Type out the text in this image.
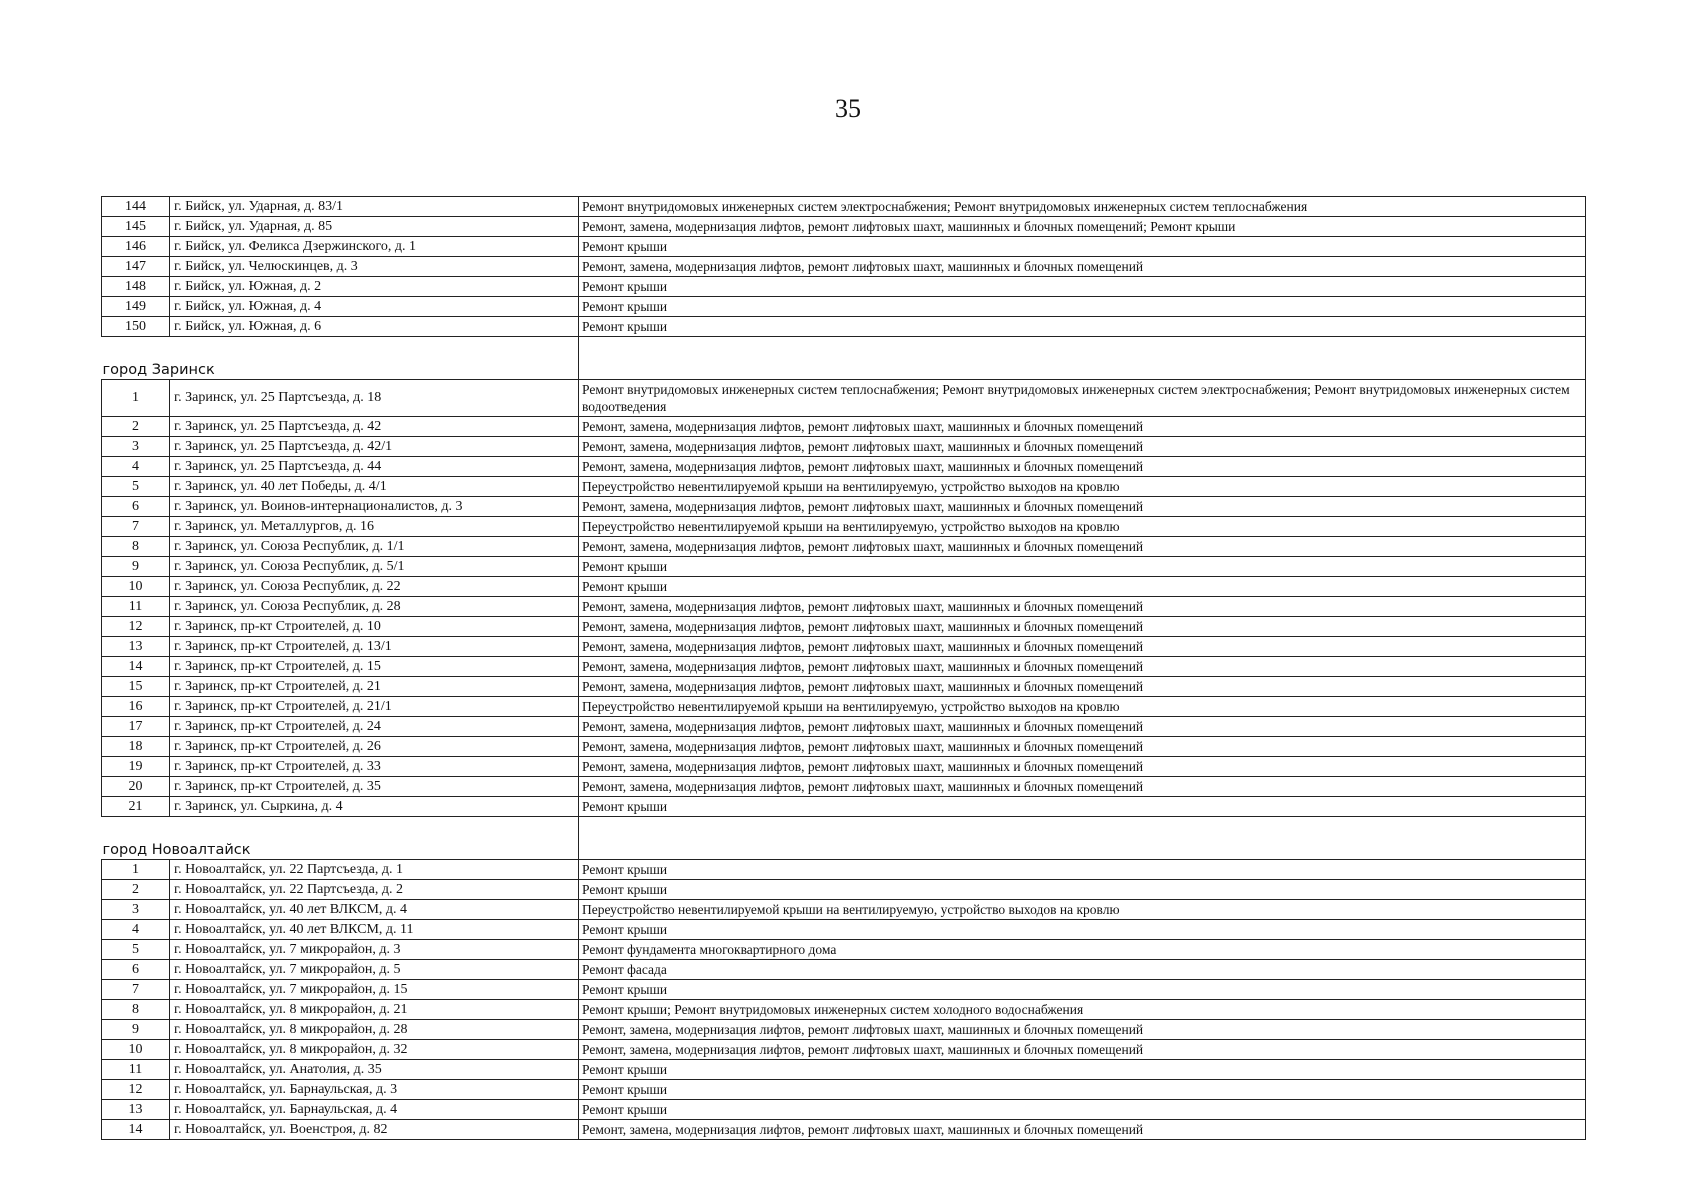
35
144	г. Бийск, ул. Ударная, д. 83/1	Ремонт внутридомовых инженерных систем электроснабжения; Ремонт внутридомовых инженерных систем теплоснабжения
145	г. Бийск, ул. Ударная, д. 85	Ремонт, замена, модернизация лифтов, ремонт лифтовых шахт, машинных и блочных помещений; Ремонт крыши
146	г. Бийск, ул. Феликса Дзержинского, д. 1	Ремонт крыши
147	г. Бийск, ул. Челюскинцев, д. 3	Ремонт, замена, модернизация лифтов, ремонт лифтовых шахт, машинных и блочных помещений
148	г. Бийск, ул. Южная, д. 2	Ремонт крыши
149	г. Бийск, ул. Южная, д. 4	Ремонт крыши
150	г. Бийск, ул. Южная, д. 6	Ремонт крыши
город Заринск		
1	г. Заринск, ул. 25 Партсъезда, д. 18	Ремонт внутридомовых инженерных систем теплоснабжения; Ремонт внутридомовых инженерных систем электроснабжения; Ремонт внутридомовых инженерных систем водоотведения
2	г. Заринск, ул. 25 Партсъезда, д. 42	Ремонт, замена, модернизация лифтов, ремонт лифтовых шахт, машинных и блочных помещений
3	г. Заринск, ул. 25 Партсъезда, д. 42/1	Ремонт, замена, модернизация лифтов, ремонт лифтовых шахт, машинных и блочных помещений
4	г. Заринск, ул. 25 Партсъезда, д. 44	Ремонт, замена, модернизация лифтов, ремонт лифтовых шахт, машинных и блочных помещений
5	г. Заринск, ул. 40 лет Победы, д. 4/1	Переустройство невентилируемой крыши на вентилируемую, устройство выходов на кровлю
6	г. Заринск, ул. Воинов-интернационалистов, д. 3	Ремонт, замена, модернизация лифтов, ремонт лифтовых шахт, машинных и блочных помещений
7	г. Заринск, ул. Металлургов, д. 16	Переустройство невентилируемой крыши на вентилируемую, устройство выходов на кровлю
8	г. Заринск, ул. Союза Республик, д. 1/1	Ремонт, замена, модернизация лифтов, ремонт лифтовых шахт, машинных и блочных помещений
9	г. Заринск, ул. Союза Республик, д. 5/1	Ремонт крыши
10	г. Заринск, ул. Союза Республик, д. 22	Ремонт крыши
11	г. Заринск, ул. Союза Республик, д. 28	Ремонт, замена, модернизация лифтов, ремонт лифтовых шахт, машинных и блочных помещений
12	г. Заринск, пр-кт Строителей, д. 10	Ремонт, замена, модернизация лифтов, ремонт лифтовых шахт, машинных и блочных помещений
13	г. Заринск, пр-кт Строителей, д. 13/1	Ремонт, замена, модернизация лифтов, ремонт лифтовых шахт, машинных и блочных помещений
14	г. Заринск, пр-кт Строителей, д. 15	Ремонт, замена, модернизация лифтов, ремонт лифтовых шахт, машинных и блочных помещений
15	г. Заринск, пр-кт Строителей, д. 21	Ремонт, замена, модернизация лифтов, ремонт лифтовых шахт, машинных и блочных помещений
16	г. Заринск, пр-кт Строителей, д. 21/1	Переустройство невентилируемой крыши на вентилируемую, устройство выходов на кровлю
17	г. Заринск, пр-кт Строителей, д. 24	Ремонт, замена, модернизация лифтов, ремонт лифтовых шахт, машинных и блочных помещений
18	г. Заринск, пр-кт Строителей, д. 26	Ремонт, замена, модернизация лифтов, ремонт лифтовых шахт, машинных и блочных помещений
19	г. Заринск, пр-кт Строителей, д. 33	Ремонт, замена, модернизация лифтов, ремонт лифтовых шахт, машинных и блочных помещений
20	г. Заринск, пр-кт Строителей, д. 35	Ремонт, замена, модернизация лифтов, ремонт лифтовых шахт, машинных и блочных помещений
21	г. Заринск, ул. Сыркина, д. 4	Ремонт крыши
город Новоалтайск		
1	г. Новоалтайск, ул. 22 Партсъезда, д. 1	Ремонт крыши
2	г. Новоалтайск, ул. 22 Партсъезда, д. 2	Ремонт крыши
3	г. Новоалтайск, ул. 40 лет ВЛКСМ, д. 4	Переустройство невентилируемой крыши на вентилируемую, устройство выходов на кровлю
4	г. Новоалтайск, ул. 40 лет ВЛКСМ, д. 11	Ремонт крыши
5	г. Новоалтайск, ул. 7 микрорайон, д. 3	Ремонт фундамента многоквартирного дома
6	г. Новоалтайск, ул. 7 микрорайон, д. 5	Ремонт фасада
7	г. Новоалтайск, ул. 7 микрорайон, д. 15	Ремонт крыши
8	г. Новоалтайск, ул. 8 микрорайон, д. 21	Ремонт крыши; Ремонт внутридомовых инженерных систем холодного водоснабжения
9	г. Новоалтайск, ул. 8 микрорайон, д. 28	Ремонт, замена, модернизация лифтов, ремонт лифтовых шахт, машинных и блочных помещений
10	г. Новоалтайск, ул. 8 микрорайон, д. 32	Ремонт, замена, модернизация лифтов, ремонт лифтовых шахт, машинных и блочных помещений
11	г. Новоалтайск, ул. Анатолия, д. 35	Ремонт крыши
12	г. Новоалтайск, ул. Барнаульская, д. 3	Ремонт крыши
13	г. Новоалтайск, ул. Барнаульская, д. 4	Ремонт крыши
14	г. Новоалтайск, ул. Военстроя, д. 82	Ремонт, замена, модернизация лифтов, ремонт лифтовых шахт, машинных и блочных помещений
